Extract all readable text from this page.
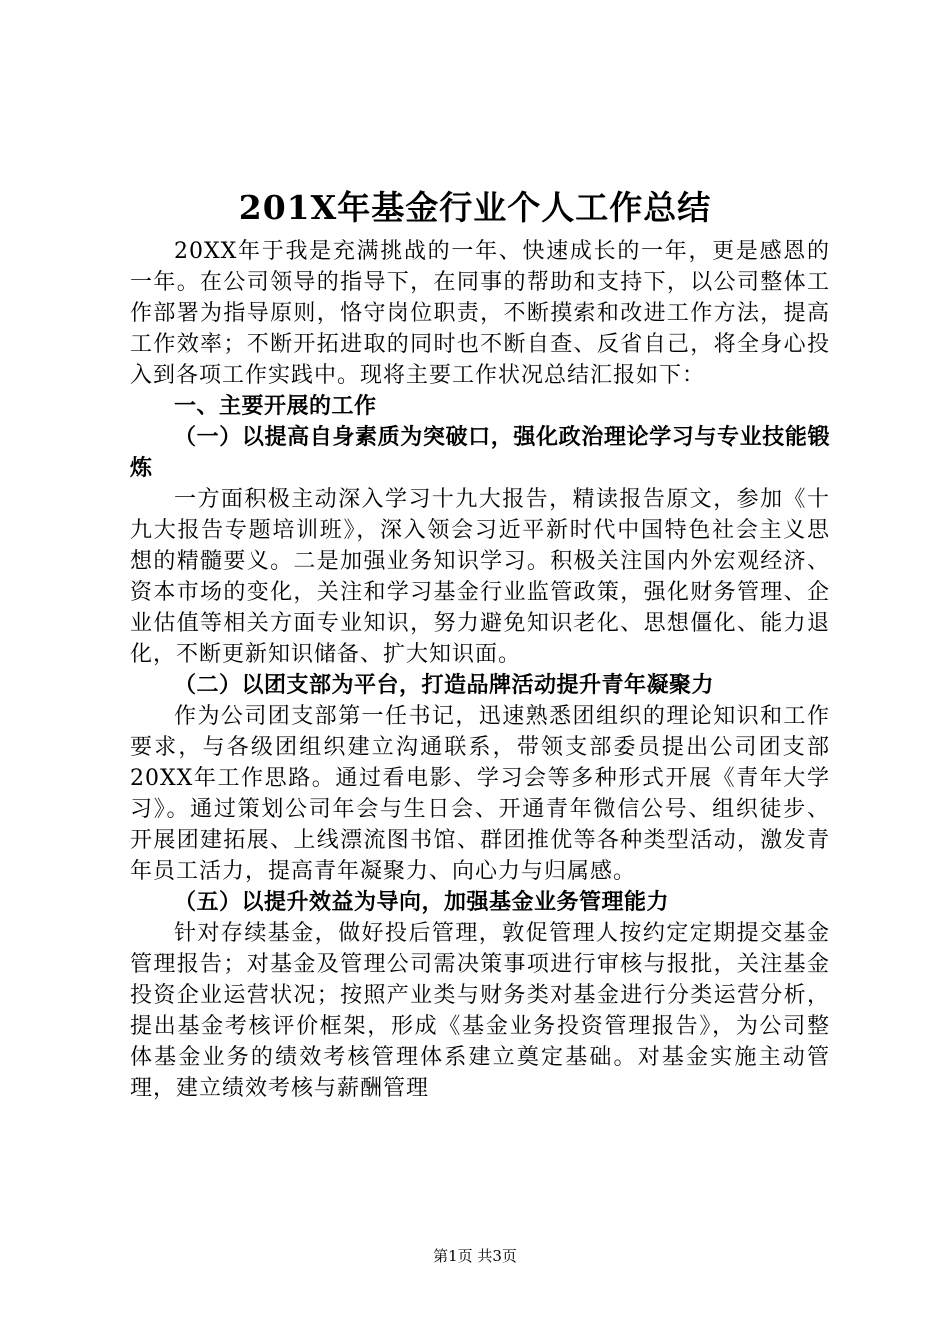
201X年基金行业个人工作总结

20XX年于我是充满挑战的一年、快速成长的一年，更是感恩的一年。在公司领导的指导下，在同事的帮助和支持下，以公司整体工作部署为指导原则，恪守岗位职责，不断摸索和改进工作方法，提高工作效率；不断开拓进取的同时也不断自查、反省自己，将全身心投入到各项工作实践中。现将主要工作状况总结汇报如下：

一、主要开展的工作
（一）以提高自身素质为突破口，强化政治理论学习与专业技能锻炼

一方面积极主动深入学习十九大报告，精读报告原文，参加《十九大报告专题培训班》，深入领会习近平新时代中国特色社会主义思想的精髓要义。二是加强业务知识学习。积极关注国内外宏观经济、资本市场的变化，关注和学习基金行业监管政策，强化财务管理、企业估值等相关方面专业知识，努力避免知识老化、思想僵化、能力退化，不断更新知识储备、扩大知识面。

（二）以团支部为平台，打造品牌活动提升青年凝聚力

作为公司团支部第一任书记，迅速熟悉团组织的理论知识和工作要求，与各级团组织建立沟通联系，带领支部委员提出公司团支部20XX年工作思路。通过看电影、学习会等多种形式开展《青年大学习》。通过策划公司年会与生日会、开通青年微信公号、组织徒步、开展团建拓展、上线漂流图书馆、群团推优等各种类型活动，激发青年员工活力，提高青年凝聚力、向心力与归属感。

（五）以提升效益为导向，加强基金业务管理能力

针对存续基金，做好投后管理，敦促管理人按约定定期提交基金管理报告；对基金及管理公司需决策事项进行审核与报批，关注基金投资企业运营状况；按照产业类与财务类对基金进行分类运营分析，提出基金考核评价框架，形成《基金业务投资管理报告》，为公司整体基金业务的绩效考核管理体系建立奠定基础。对基金实施主动管理，建立绩效考核与薪酬管理

第1页 共3页
